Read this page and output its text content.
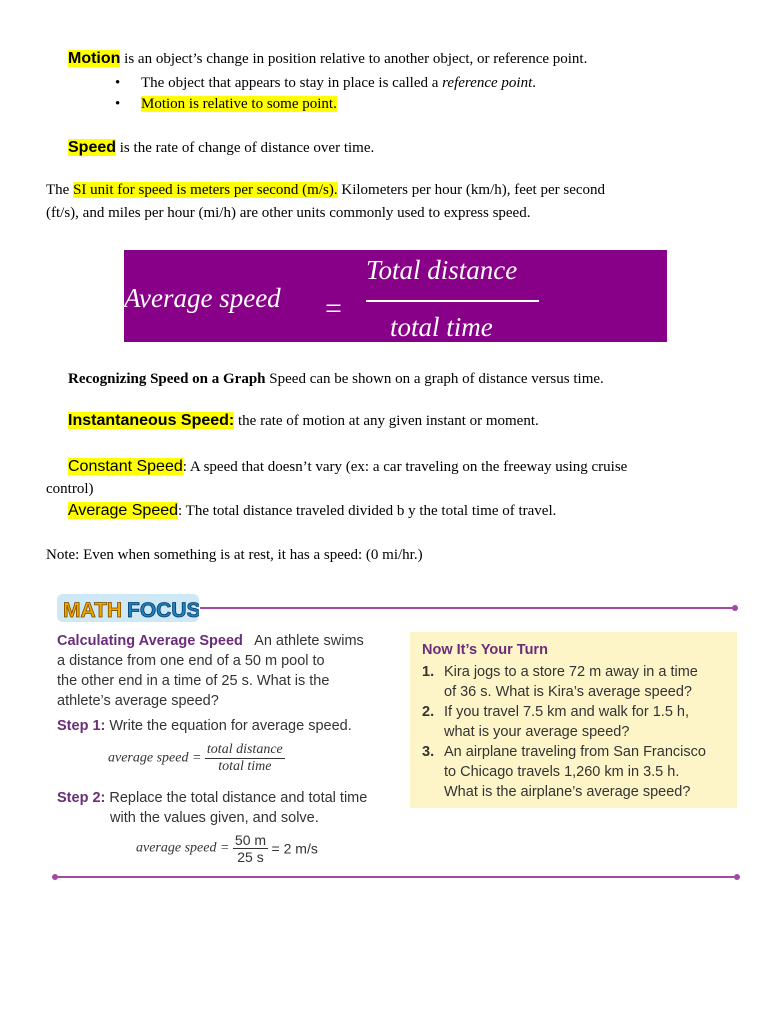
Motion is an object’s change in position relative to another object, or reference point.
• The object that appears to stay in place is called a reference point.
• Motion is relative to some point.
Speed is the rate of change of distance over time.
The SI unit for speed is meters per second (m/s). Kilometers per hour (km/h), feet per second
(ft/s), and miles per hour (mi/h) are other units commonly used to express speed.
Average speed =
Total distance
total time
Recognizing Speed on a Graph Speed can be shown on a graph of distance versus time.
Instantaneous Speed: the rate of motion at any given instant or moment.
Constant Speed: A speed that doesn’t vary (ex: a car traveling on the freeway using cruise
control)
Average Speed: The total distance traveled divided b y the total time of travel.
Note: Even when something is at rest, it has a speed: (0 mi/hr.)
MATH FOCUS
Calculating Average Speed An athlete swims
a distance from one end of a 50 m pool to
the other end in a time of 25 s. What is the
athlete’s average speed?
Step 1: Write the equation for average speed.
average speed = $\frac{\text{total distance}}{\text{total time}}$
Step 2: Replace the total distance and total time
with the values given, and solve.
average speed = $\frac{50 m}{25 s} = 2$ m/s
Now It’s Your Turn
1. Kira jogs to a store 72 m away in a time
of 36 s. What is Kira’s average speed?
2. If you travel 7.5 km and walk for 1.5 h,
what is your average speed?
3. An airplane traveling from San Francisco
to Chicago travels 1,260 km in 3.5 h.
What is the airplane’s average speed?
